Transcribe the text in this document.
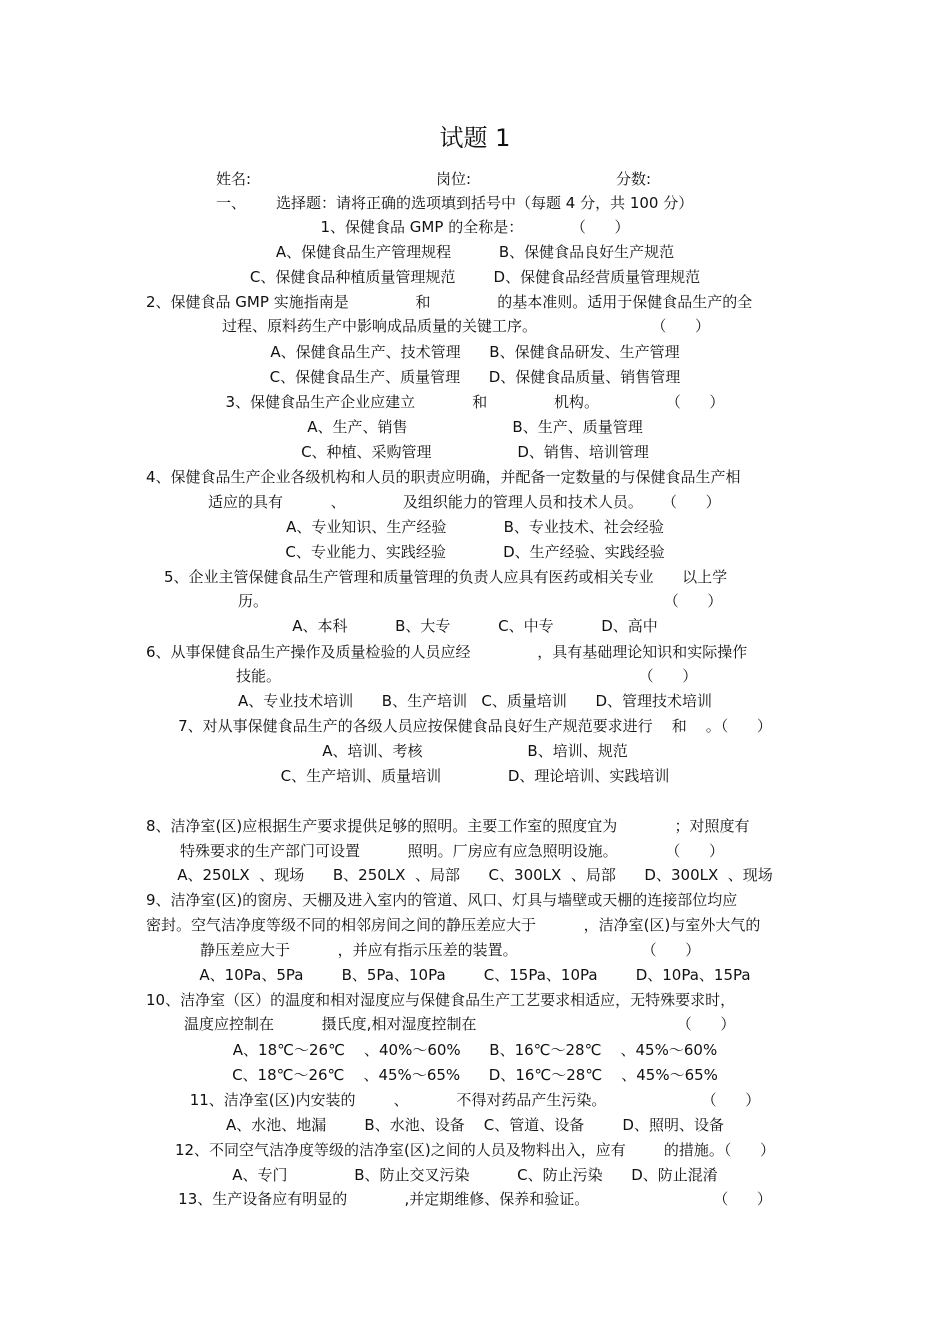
试题 1
姓名:	岗位:	分数:
一、 选择题：请将正确的选项填到括号中（每题 4 分，共 100 分）
1、保健食品 GMP 的全称是：          （      ）
A、保健食品生产管理规程          B、保健食品良好生产规范
C、保健食品种植质量管理规范        D、保健食品经营质量管理规范
2、保健食品 GMP 实施指南是              和              的基本准则。适用于保健食品生产的全
过程、原料药生产中影响成品质量的关键工序。                        （      ）
A、保健食品生产、技术管理      B、保健食品研发、生产管理
C、保健食品生产、质量管理      D、保健食品质量、销售管理
3、保健食品生产企业应建立            和              机构。              （      ）
A、生产、销售                      B、生产、质量管理
C、种植、采购管理                  D、销售、培训管理
4、保健食品生产企业各级机构和人员的职责应明确，并配备一定数量的与保健食品生产相
适应的具有          、            及组织能力的管理人员和技术人员。    （      ）
A、专业知识、生产经验            B、专业技术、社会经验
C、专业能力、实践经验            D、生产经验、实践经验
5、企业主管保健食品生产管理和质量管理的负责人应具有医药或相关专业      以上学
历。                                                                                   （      ）
A、本科          B、大专          C、中专          D、高中
6、从事保健食品生产操作及质量检验的人员应经              ，具有基础理论知识和实际操作
技能。                                                                           （      ）
A、专业技术培训      B、生产培训   C、质量培训      D、管理技术培训
7、对从事保健食品生产的各级人员应按保健食品良好生产规范要求进行    和    。（      ）
A、培训、考核                      B、培训、规范
C、生产培训、质量培训              D、理论培训、实践培训
8、洁净室(区)应根据生产要求提供足够的照明。主要工作室的照度宜为            ；对照度有
特殊要求的生产部门可设置          照明。厂房应有应急照明设施。          （      ）
A、250LX  、现场      B、250LX  、局部      C、300LX  、局部      D、300LX  、现场
9、洁净室(区)的窗房、天棚及进入室内的管道、风口、灯具与墙壁或天棚的连接部位均应
密封。空气洁净度等级不同的相邻房间之间的静压差应大于          ，洁净室(区)与室外大气的
静压差应大于          ，并应有指示压差的装置。                          （      ）
A、10Pa、5Pa        B、5Pa、10Pa        C、15Pa、10Pa        D、10Pa、15Pa
10、洁净室（区）的温度和相对湿度应与保健食品生产工艺要求相适应，无特殊要求时，
温度应控制在          摄氏度,相对湿度控制在                                          （      ）
A、18℃～26℃    、40%～60%      B、16℃～28℃    、45%～60%
C、18℃～26℃    、45%～65%      D、16℃～28℃    、45%～65%
11、洁净室(区)内安装的        、          不得对药品产生污染。                    （      ）
A、水池、地漏        B、水池、设备    C、管道、设备        D、照明、设备
12、不同空气洁净度等级的洁净室(区)之间的人员及物料出入，应有        的措施。（      ）
A、专门              B、防止交叉污染          C、防止污染      D、防止混淆
13、生产设备应有明显的            ,并定期维修、保养和验证。                          （      ）
